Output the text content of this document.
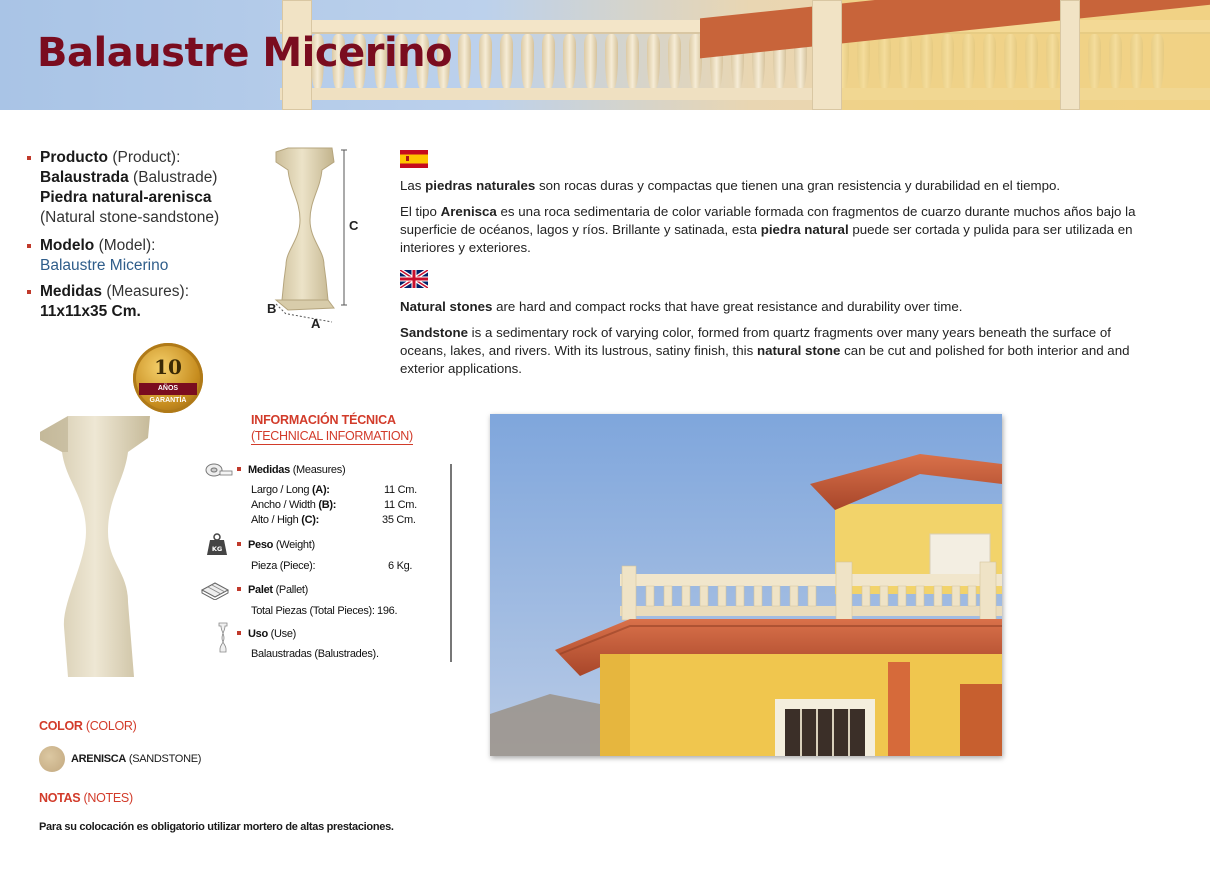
Balaustre Micerino
Producto (Product):
Balaustrada (Balustrade)
Piedra natural-arenisca
(Natural stone-sandstone)
Modelo (Model):
Balaustre Micerino
Medidas (Measures):
11x11x35 Cm.
C
B
A
Las piedras naturales son rocas duras y compactas que tienen una gran resistencia y durabilidad en el tiempo.
El tipo Arenisca es una roca sedimentaria de color variable formada con fragmentos de cuarzo durante muchos años bajo la superficie de océanos, lagos y ríos. Brillante y satinada, esta piedra natural puede ser cortada y pulida para ser utilizada en interiores y exteriores.
Natural stones are hard and compact rocks that have great resistance and durability over time.
Sandstone is a sedimentary rock of varying color, formed from quartz fragments over many years beneath the surface of oceans, lakes, and rivers. With its lustrous, satiny finish, this natural stone can be cut and polished for both interior and and exterior applications.
10
AÑOS GARANTÍA
INFORMACIÓN TÉCNICA
(TECHNICAL INFORMATION)
Medidas (Measures)
Largo / Long (A):	11 Cm.
Ancho / Width (B):	11 Cm.
Alto / High (C):	35 Cm.
KG	Peso (Weight)
Pieza (Piece):	6 Kg.
Palet (Pallet)
Total Piezas (Total Pieces): 196.
Uso (Use)
Balaustradas (Balustrades) .
COLOR (COLOR)
ARENISCA (SANDSTONE)
NOTAS (NOTES)
Para su colocación es obligatorio utilizar mortero de altas prestaciones.
